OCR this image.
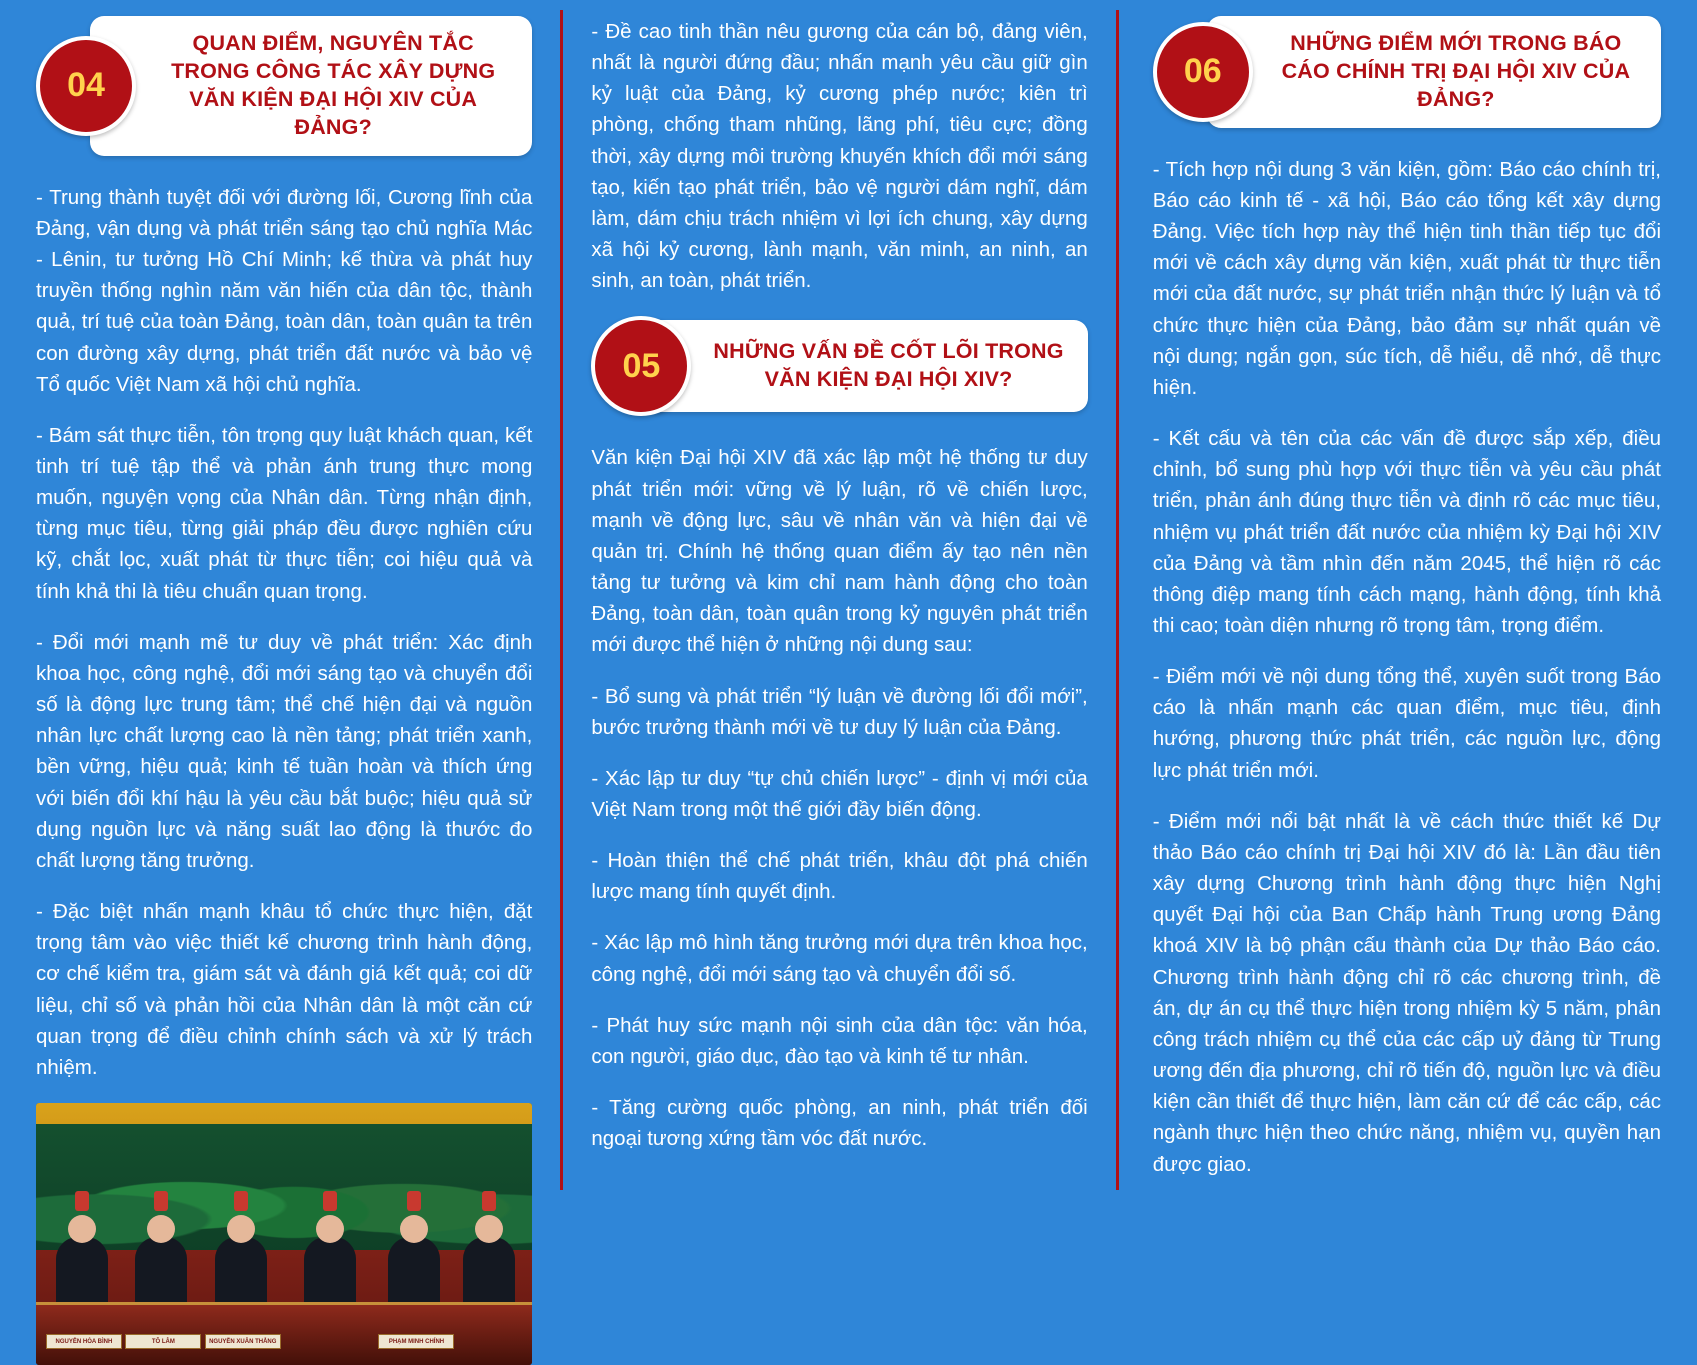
04
QUAN ĐIỂM, NGUYÊN TẮC TRONG CÔNG TÁC XÂY DỰNG VĂN KIỆN ĐẠI HỘI XIV CỦA ĐẢNG?

- Trung thành tuyệt đối với đường lối, Cương lĩnh của Đảng, vận dụng và phát triển sáng tạo chủ nghĩa Mác - Lênin, tư tưởng Hồ Chí Minh; kế thừa và phát huy truyền thống nghìn năm văn hiến của dân tộc, thành quả, trí tuệ của toàn Đảng, toàn dân, toàn quân ta trên con đường xây dựng, phát triển đất nước và bảo vệ Tổ quốc Việt Nam xã hội chủ nghĩa.

- Bám sát thực tiễn, tôn trọng quy luật khách quan, kết tinh trí tuệ tập thể và phản ánh trung thực mong muốn, nguyện vọng của Nhân dân. Từng nhận định, từng mục tiêu, từng giải pháp đều được nghiên cứu kỹ, chắt lọc, xuất phát từ thực tiễn; coi hiệu quả và tính khả thi là tiêu chuẩn quan trọng.

- Đổi mới mạnh mẽ tư duy về phát triển: Xác định khoa học, công nghệ, đổi mới sáng tạo và chuyển đổi số là động lực trung tâm; thể chế hiện đại và nguồn nhân lực chất lượng cao là nền tảng; phát triển xanh, bền vững, hiệu quả; kinh tế tuần hoàn và thích ứng với biến đổi khí hậu là yêu cầu bắt buộc; hiệu quả sử dụng nguồn lực và năng suất lao động là thước đo chất lượng tăng trưởng.

- Đặc biệt nhấn mạnh khâu tổ chức thực hiện, đặt trọng tâm vào việc thiết kế chương trình hành động, cơ chế kiểm tra, giám sát và đánh giá kết quả; coi dữ liệu, chỉ số và phản hồi của Nhân dân là một căn cứ quan trọng để điều chỉnh chính sách và xử lý trách nhiệm.

NGUYỄN HÒA BÌNH	TÔ LÂM	NGUYỄN XUÂN THẮNG	PHẠM MINH CHÍNH

- Đề cao tinh thần nêu gương của cán bộ, đảng viên, nhất là người đứng đầu; nhấn mạnh yêu cầu giữ gìn kỷ luật của Đảng, kỷ cương phép nước; kiên trì phòng, chống tham nhũng, lãng phí, tiêu cực; đồng thời, xây dựng môi trường khuyến khích đổi mới sáng tạo, kiến tạo phát triển, bảo vệ người dám nghĩ, dám làm, dám chịu trách nhiệm vì lợi ích chung, xây dựng xã hội kỷ cương, lành mạnh, văn minh, an ninh, an sinh, an toàn, phát triển.

05	NHỮNG VẤN ĐỀ CỐT LÕI TRONG VĂN KIỆN ĐẠI HỘI XIV?

Văn kiện Đại hội XIV đã xác lập một hệ thống tư duy phát triển mới: vững về lý luận, rõ về chiến lược, mạnh về động lực, sâu về nhân văn và hiện đại về quản trị. Chính hệ thống quan điểm ấy tạo nên nền tảng tư tưởng và kim chỉ nam hành động cho toàn Đảng, toàn dân, toàn quân trong kỷ nguyên phát triển mới được thể hiện ở những nội dung sau:

- Bổ sung và phát triển “lý luận về đường lối đổi mới”, bước trưởng thành mới về tư duy lý luận của Đảng.

- Xác lập tư duy “tự chủ chiến lược” - định vị mới của Việt Nam trong một thế giới đầy biến động.

- Hoàn thiện thể chế phát triển, khâu đột phá chiến lược mang tính quyết định.

- Xác lập mô hình tăng trưởng mới dựa trên khoa học, công nghệ, đổi mới sáng tạo và chuyển đổi số.

- Phát huy sức mạnh nội sinh của dân tộc: văn hóa, con người, giáo dục, đào tạo và kinh tế tư nhân.

- Tăng cường quốc phòng, an ninh, phát triển đối ngoại tương xứng tầm vóc đất nước.

06
NHỮNG ĐIỂM MỚI TRONG BÁO CÁO CHÍNH TRỊ ĐẠI HỘI XIV CỦA ĐẢNG?

- Tích hợp nội dung 3 văn kiện, gồm: Báo cáo chính trị, Báo cáo kinh tế - xã hội, Báo cáo tổng kết xây dựng Đảng. Việc tích hợp này thể hiện tinh thần tiếp tục đổi mới về cách xây dựng văn kiện, xuất phát từ thực tiễn mới của đất nước, sự phát triển nhận thức lý luận và tổ chức thực hiện của Đảng, bảo đảm sự nhất quán về nội dung; ngắn gọn, súc tích, dễ hiểu, dễ nhớ, dễ thực hiện.

- Kết cấu và tên của các vấn đề được sắp xếp, điều chỉnh, bổ sung phù hợp với thực tiễn và yêu cầu phát triển, phản ánh đúng thực tiễn và định rõ các mục tiêu, nhiệm vụ phát triển đất nước của nhiệm kỳ Đại hội XIV của Đảng và tầm nhìn đến năm 2045, thể hiện rõ các thông điệp mang tính cách mạng, hành động, tính khả thi cao; toàn diện nhưng rõ trọng tâm, trọng điểm.

- Điểm mới về nội dung tổng thể, xuyên suốt trong Báo cáo là nhấn mạnh các quan điểm, mục tiêu, định hướng, phương thức phát triển, các nguồn lực, động lực phát triển mới.

- Điểm mới nổi bật nhất là về cách thức thiết kế Dự thảo Báo cáo chính trị Đại hội XIV đó là: Lần đầu tiên xây dựng Chương trình hành động thực hiện Nghị quyết Đại hội của Ban Chấp hành Trung ương Đảng khoá XIV là bộ phận cấu thành của Dự thảo Báo cáo. Chương trình hành động chỉ rõ các chương trình, đề án, dự án cụ thể thực hiện trong nhiệm kỳ 5 năm, phân công trách nhiệm cụ thể của các cấp uỷ đảng từ Trung ương đến địa phương, chỉ rõ tiến độ, nguồn lực và điều kiện cần thiết để thực hiện, làm căn cứ để các cấp, các ngành thực hiện theo chức năng, nhiệm vụ, quyền hạn được giao.
